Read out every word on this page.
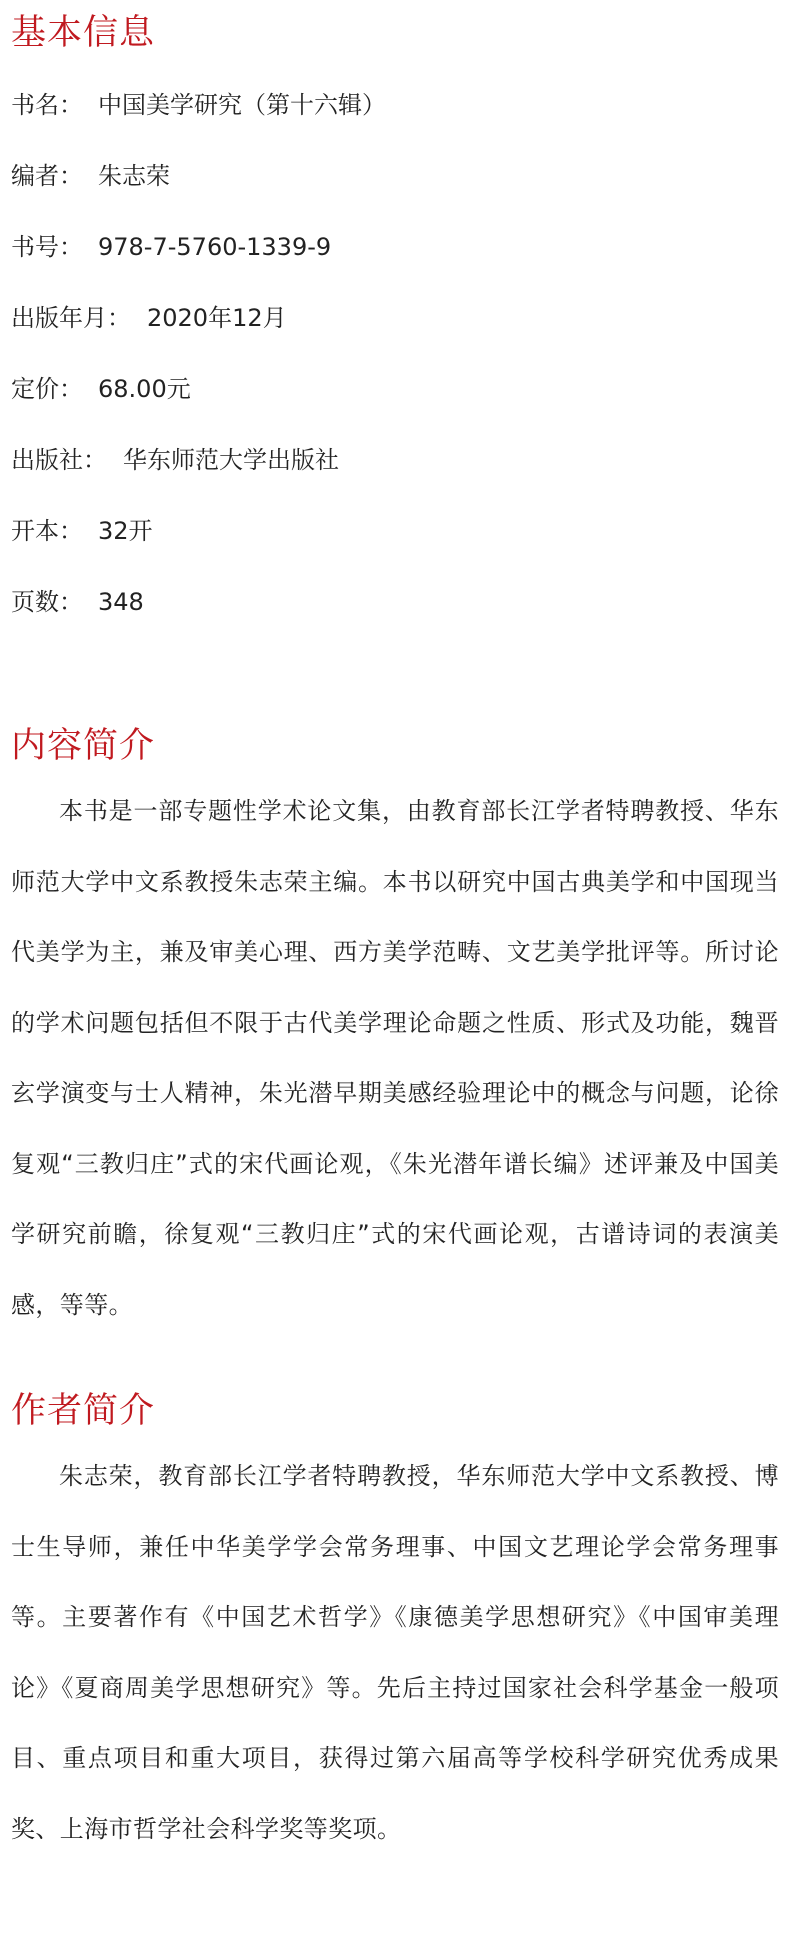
基本信息
书名： 中国美学研究（第十六辑）
编者： 朱志荣
书号： 978-7-5760-1339-9
出版年月： 2020年12月
定价： 68.00元
出版社： 华东师范大学出版社
开本： 32开
页数： 348
内容简介

本书是一部专题性学术论文集，由教育部长江学者特聘教授、华东师范大学中文系教授朱志荣主编。本书以研究中国古典美学和中国现当代美学为主，兼及审美心理、西方美学范畴、文艺美学批评等。所讨论的学术问题包括但不限于古代美学理论命题之性质、形式及功能，魏晋玄学演变与士人精神，朱光潜早期美感经验理论中的概念与问题，论徐复观“三教归庄”式的宋代画论观，《朱光潜年谱长编》述评兼及中国美学研究前瞻，徐复观“三教归庄”式的宋代画论观，古谱诗词的表演美感，等等。

作者简介

朱志荣，教育部长江学者特聘教授，华东师范大学中文系教授、博士生导师，兼任中华美学学会常务理事、中国文艺理论学会常务理事等。主要著作有《中国艺术哲学》《康德美学思想研究》《中国审美理论》《夏商周美学思想研究》等。先后主持过国家社会科学基金一般项目、重点项目和重大项目，获得过第六届高等学校科学研究优秀成果奖、上海市哲学社会科学奖等奖项。
